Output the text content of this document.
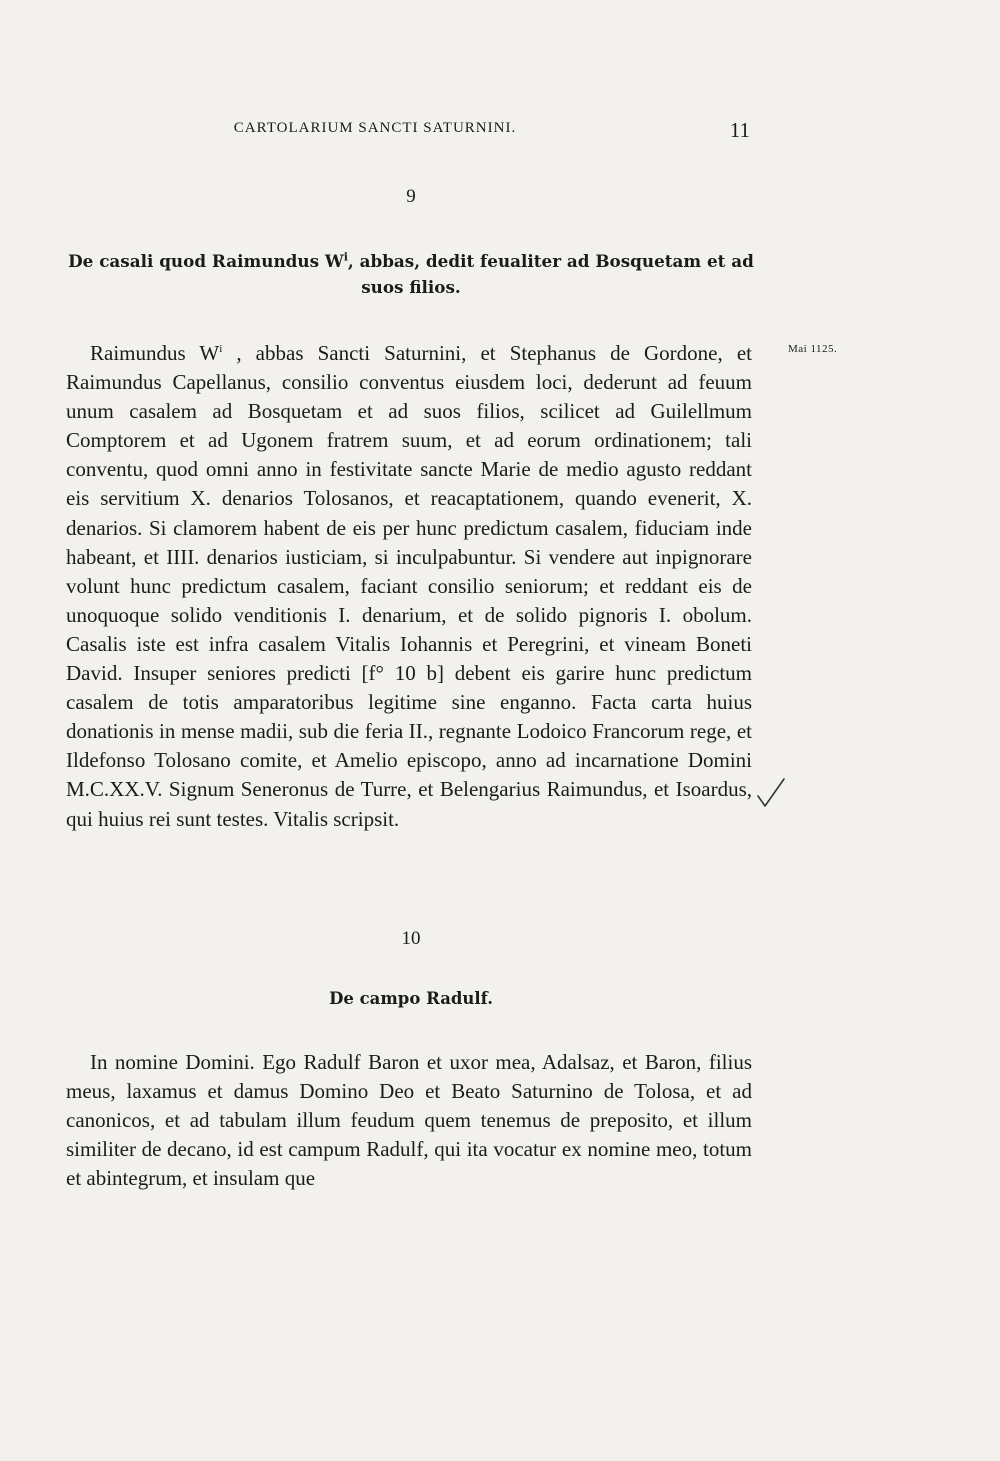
CARTOLARIUM SANCTI SATURNINI.	11
9
De casali quod Raimundus $W^i$, abbas, dedit feualiter ad Bosquetam et ad suos filios.
Mai 1125.

Raimundus $W^i$ , abbas Sancti Saturnini, et Stephanus de Gordone, et Raimundus Capellanus, consilio conventus eiusdem loci, dederunt ad feuum unum casalem ad Bosquetam et ad suos filios, scilicet ad Guilellmum Comptorem et ad Ugonem fratrem suum, et ad eorum ordinationem; tali conventu, quod omni anno in festivitate sancte Marie de medio agusto reddant eis servitium X. denarios Tolosanos, et reacaptationem, quando evenerit, X. denarios. Si clamorem habent de eis per hunc predictum casalem, fiduciam inde habeant, et IIII. denarios iusticiam, si inculpabuntur. Si vendere aut inpignorare volunt hunc predictum casalem, faciant consilio seniorum; et reddant eis de unoquoque solido venditionis I. denarium, et de solido pignoris I. obolum. Casalis iste est infra casalem Vitalis Iohannis et Peregrini, et vineam Boneti David. Insuper seniores predicti [f° 10 b] debent eis garire hunc predictum casalem de totis amparatoribus legitime sine enganno. Facta carta huius donationis in mense madii, sub die feria II., regnante Lodoico Francorum rege, et Ildefonso Tolosano comite, et Amelio episcopo, anno ad incarnatione Domini M.C.XX.V. Signum Seneronus de Turre, et Belengarius Raimundus, et Isoardus, qui huius rei sunt testes. Vitalis scripsit.

10
De campo Radulf.

In nomine Domini. Ego Radulf Baron et uxor mea, Adalsaz, et Baron, filius meus, laxamus et damus Domino Deo et Beato Saturnino de Tolosa, et ad canonicos, et ad tabulam illum feudum quem tenemus de preposito, et illum similiter de decano, id est campum Radulf, qui ita vocatur ex nomine meo, totum et abintegrum, et insulam que
